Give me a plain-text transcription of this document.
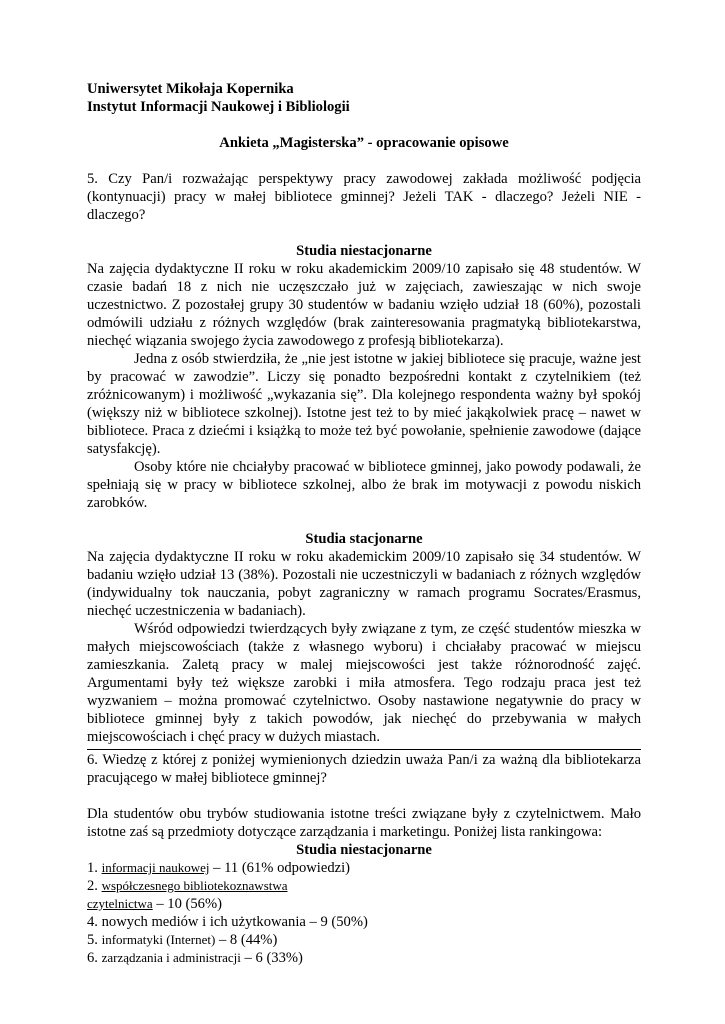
Uniwersytet Mikołaja Kopernika

Instytut Informacji Naukowej i Bibliologii

Ankieta „Magisterska” - opracowanie opisowe

5. Czy Pan/i rozważając perspektywy pracy zawodowej zakłada możliwość podjęcia (kontynuacji) pracy w małej bibliotece gminnej? Jeżeli TAK - dlaczego? Jeżeli NIE - dlaczego?

Studia niestacjonarne

Na zajęcia dydaktyczne II roku w roku akademickim 2009/10 zapisało się 48 studentów. W czasie badań 18 z nich nie uczęszczało już w zajęciach, zawieszając w nich swoje uczestnictwo. Z pozostałej grupy 30 studentów w badaniu wzięło udział 18 (60%), pozostali odmówili udziału z różnych względów (brak zainteresowania pragmatyką bibliotekarstwa, niechęć wiązania swojego życia zawodowego z profesją bibliotekarza).

Jedna z osób stwierdziła, że „nie jest istotne w jakiej bibliotece się pracuje, ważne jest by pracować w zawodzie”. Liczy się ponadto bezpośredni kontakt z czytelnikiem (też zróżnicowanym) i możliwość „wykazania się”. Dla kolejnego respondenta ważny był spokój (większy niż w bibliotece szkolnej). Istotne jest też to by mieć jakąkolwiek pracę – nawet w bibliotece. Praca z dziećmi i książką to może też być powołanie, spełnienie zawodowe (dające satysfakcję).

Osoby które nie chciałyby pracować w bibliotece gminnej, jako powody podawali, że spełniają się w pracy w bibliotece szkolnej, albo że brak im motywacji z powodu niskich zarobków.

Studia stacjonarne

Na zajęcia dydaktyczne II roku w roku akademickim 2009/10 zapisało się 34 studentów. W badaniu wzięło udział 13 (38%). Pozostali nie uczestniczyli w badaniach z różnych względów (indywidualny tok nauczania, pobyt zagraniczny w ramach programu Socrates/Erasmus, niechęć uczestniczenia w badaniach).

Wśród odpowiedzi twierdzących były związane z tym, ze część studentów mieszka w małych miejscowościach (także z własnego wyboru) i chciałaby pracować w miejscu zamieszkania. Zaletą pracy w malej miejscowości jest także różnorodność zajęć. Argumentami były też większe zarobki i miła atmosfera. Tego rodzaju praca jest też wyzwaniem – można promować czytelnictwo. Osoby nastawione negatywnie do pracy w bibliotece gminnej były z takich powodów, jak niechęć do przebywania w małych miejscowościach i chęć pracy w dużych miastach.

6. Wiedzę z której z poniżej wymienionych dziedzin uważa Pan/i za ważną dla bibliotekarza pracującego w małej bibliotece gminnej?

Dla studentów obu trybów studiowania istotne treści związane były z czytelnictwem. Mało istotne zaś są przedmioty dotyczące zarządzania i marketingu. Poniżej lista rankingowa:

Studia niestacjonarne

1. informacji naukowej – 11 (61% odpowiedzi)
2. współczesnego bibliotekoznawstwa
czytelnictwa – 10 (56%)
4. nowych mediów i ich użytkowania – 9 (50%)
5. informatyki (Internet) – 8 (44%)
6. zarządzania i administracji – 6 (33%)
